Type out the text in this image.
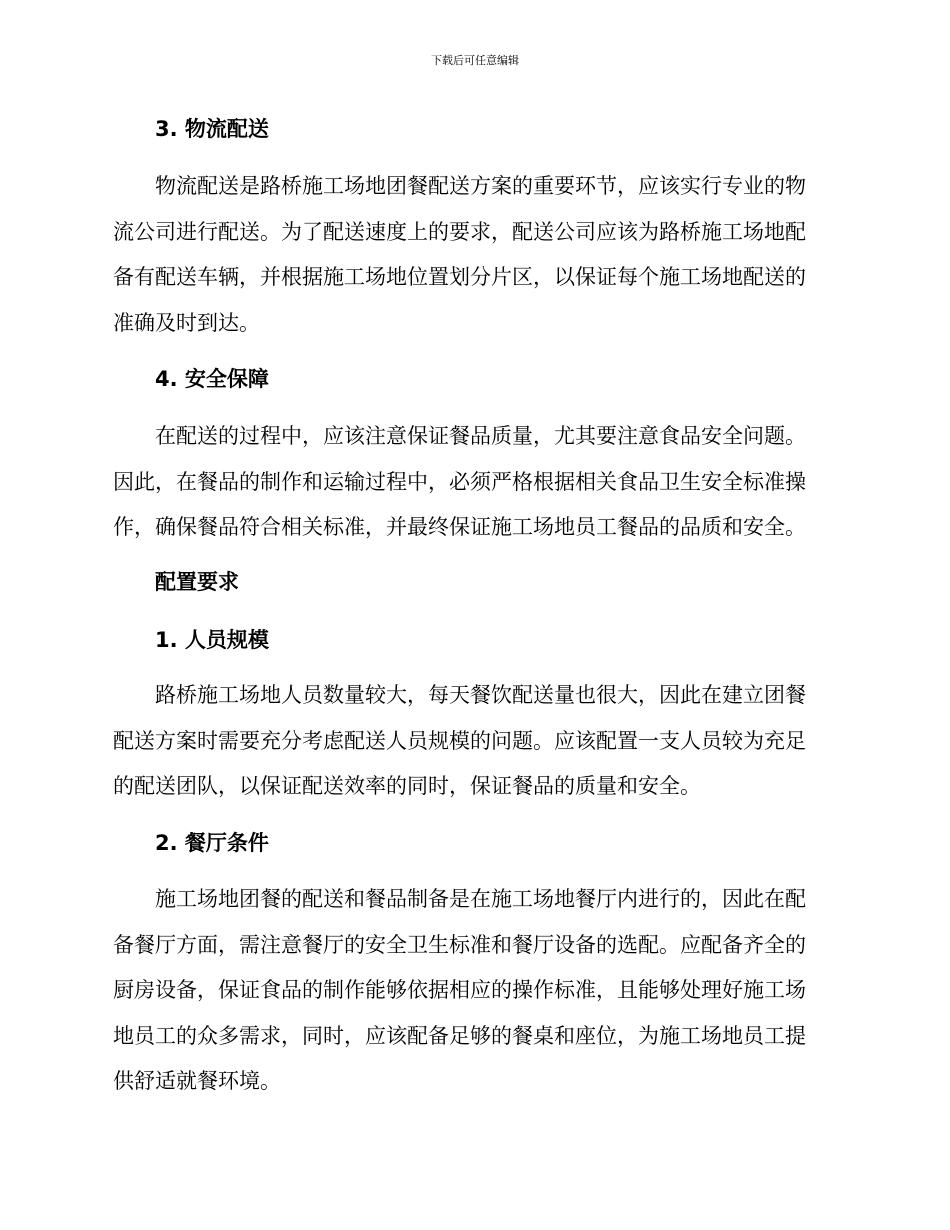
下载后可任意编辑
3. 物流配送
物流配送是路桥施工场地团餐配送方案的重要环节，应该实行专业的物
流公司进行配送。为了配送速度上的要求，配送公司应该为路桥施工场地配
备有配送车辆，并根据施工场地位置划分片区，以保证每个施工场地配送的
准确及时到达。
4. 安全保障
在配送的过程中，应该注意保证餐品质量，尤其要注意食品安全问题。
因此，在餐品的制作和运输过程中，必须严格根据相关食品卫生安全标准操
作，确保餐品符合相关标准，并最终保证施工场地员工餐品的品质和安全。
配置要求
1. 人员规模
路桥施工场地人员数量较大，每天餐饮配送量也很大，因此在建立团餐
配送方案时需要充分考虑配送人员规模的问题。应该配置一支人员较为充足
的配送团队，以保证配送效率的同时，保证餐品的质量和安全。
2. 餐厅条件
施工场地团餐的配送和餐品制备是在施工场地餐厅内进行的，因此在配
备餐厅方面，需注意餐厅的安全卫生标准和餐厅设备的选配。应配备齐全的
厨房设备，保证食品的制作能够依据相应的操作标准，且能够处理好施工场
地员工的众多需求，同时，应该配备足够的餐桌和座位，为施工场地员工提
供舒适就餐环境。
